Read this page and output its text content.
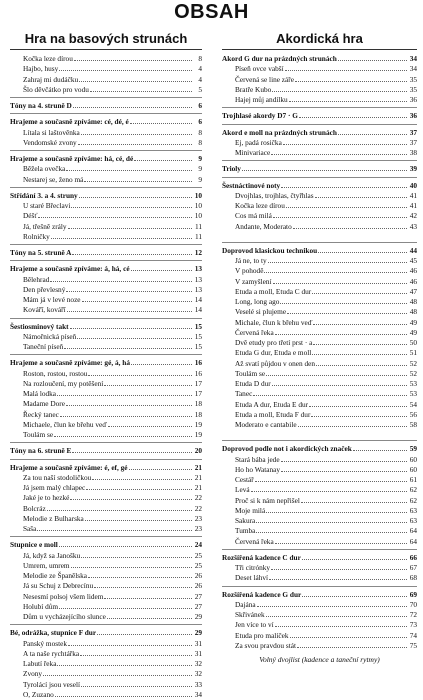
OBSAH
Hra na basových strunách
Kočka leze dírou	8
Hajbo, husy	4
Zahraj mi dudáčku	4
Šlo děvčátko pro vodu	5
Tóny na 4. struně D	6
Hrajeme a současně zpíváme: cé, dé, é	6
Lítala si laštověnka	8
Vendomské zvony	8
Hrajeme a současně zpíváme: há, cé, dé	9
Běžela ovečka	9
Nestarej se, ženo má	9
Střídání 3. a 4. struny	10
U staré Břeclavi	10
Déšť	10
Já, třešně zrály	11
Rolničky	11
Tóny na 5. struně A	12
Hrajeme a současně zpíváme: á, há, cé	13
Bělehrad	13
Den převlesný	13
Mám já v levé noze	14
Kovářī, kovářī	14
Šestiosminový takt	15
Námořnická píseň	15
Taneční píseň	15
Hrajeme a současně zpíváme: gé, á, há	16
Roston, rostou, rostou	16
Na rozloučení, my potěšení	17
Malá lodka	17
Madame Dore	18
Řecký tanec	18
Michaele, člun ke břehu veď	19
Toulám se	19
Tóny na 6. struně E	20
Hrajeme a současně zpíváme: é, ef, gé	21
Za tou naší stodoličkou	21
Já jsem malý chlapec	21
Jaké je to hezké	22
Bolcráz	22
Melodie z Bulharska	23
Saša	23
Stupnice e moll	24
Já, když sa Janošku	25
Umrem, umrem	25
Melodie ze Španělska	26
Já su Schuj z Debrecínu	26
Nesesmí polsoj všem lidem	27
Holubí dům	27
Dům u vycházejícího slunce	29
Bé, odrážka, stupnice F dur	29
Panský mostek	31
A ta naše rychtářka	31
Labutí řeka	32
Zvony	32
Tyrolácí jsou veselí	33
O, Zuzano	34
Akordická hra
Akord G dur na prázdných strunách	34
Píseň ovce vabší	34
Červená se line záře	35
Bratře Kubo	35
Hajej můj andílku	36
Trojhlasé akordy D7 · G	36
Akord e moll na prázdných strunách	37
Ej, padá rosička	37
Minivariace	38
Trioly	39
Šestnáctinové noty	40
Dvojhlas, trojhlas, čtyřhlas	41
Kočka leze dírou	41
Cos má milá	42
Andante, Moderato	43
Doprovod klasickou technikou	44
Já ne, to ty	45
V pohodě	46
V zamyšlení	46
Etuda a moll, Etuda C dur	47
Long, long ago	48
Veselé si plujeme	48
Michale, člun k břehu veď	49
Červená řeka	49
Dvě etudy pro třetí prst · a	50
Etuda G dur, Etuda e moll	51
Až svatí půjdou v onen den	52
Toulám se	52
Etuda D dur	53
Tanec	53
Etuda A dur, Etuda E dur	54
Etuda a moll, Etuda F dur	56
Moderato e cantabile	58
Doprovod podle not i akordických značek	59
Stará bába jede	60
Ho ho Watanay	60
Cestář	61
Levá	62
Proč si k nám nepřišel	62
Moje milá	63
Sakura	63
Tumba	64
Červená řeka	64
Rozšířená kadence C dur	66
Tři citrónky	67
Deset láhví	68
Rozšířená kadence G dur	69
Dajána	70
Skřivánek	72
Jen více to ví	73
Etuda pro malíček	74
Za svou pravdou stát	75
Volný dvojlist (kadence a taneční rytmy)
